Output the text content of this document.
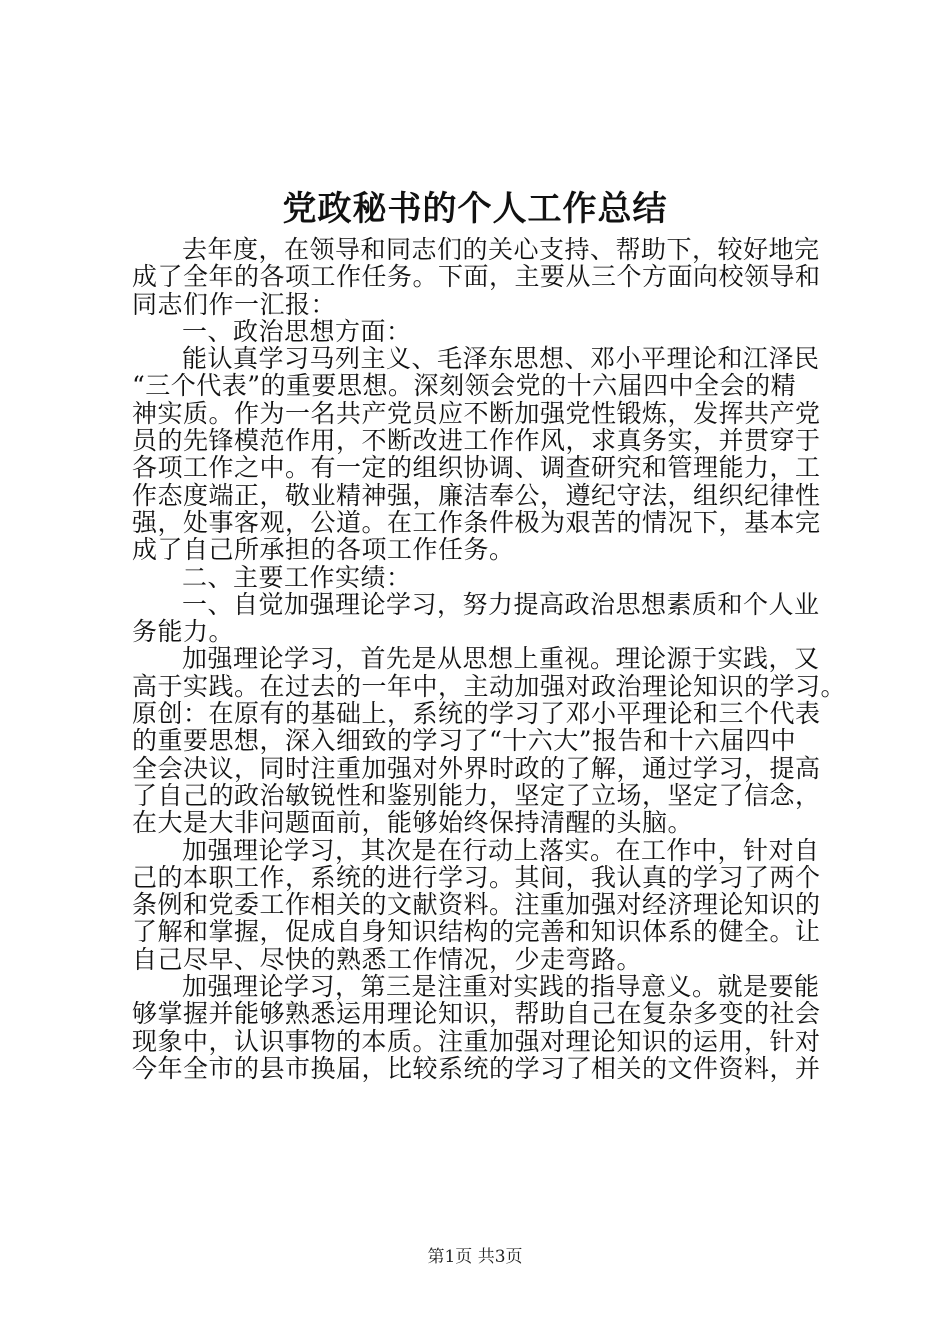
党政秘书的个人工作总结
去年度，在领导和同志们的关心支持、帮助下，较好地完
成了全年的各项工作任务。下面，主要从三个方面向校领导和
同志们作一汇报：
一、政治思想方面：
能认真学习马列主义、毛泽东思想、邓小平理论和江泽民
“三个代表”的重要思想。深刻领会党的十六届四中全会的精
神实质。作为一名共产党员应不断加强党性锻炼，发挥共产党
员的先锋模范作用，不断改进工作作风，求真务实，并贯穿于
各项工作之中。有一定的组织协调、调查研究和管理能力，工
作态度端正，敬业精神强，廉洁奉公，遵纪守法，组织纪律性
强，处事客观，公道。在工作条件极为艰苦的情况下，基本完
成了自己所承担的各项工作任务。
二、主要工作实绩：
一、自觉加强理论学习，努力提高政治思想素质和个人业
务能力。
加强理论学习，首先是从思想上重视。理论源于实践，又
高于实践。在过去的一年中，主动加强对政治理论知识的学习。
原创：在原有的基础上，系统的学习了邓小平理论和三个代表
的重要思想，深入细致的学习了“十六大”报告和十六届四中
全会决议，同时注重加强对外界时政的了解，通过学习，提高
了自己的政治敏锐性和鉴别能力，坚定了立场，坚定了信念，
在大是大非问题面前，能够始终保持清醒的头脑。
加强理论学习，其次是在行动上落实。在工作中，针对自
己的本职工作，系统的进行学习。其间，我认真的学习了两个
条例和党委工作相关的文献资料。注重加强对经济理论知识的
了解和掌握，促成自身知识结构的完善和知识体系的健全。让
自己尽早、尽快的熟悉工作情况，少走弯路。
加强理论学习，第三是注重对实践的指导意义。就是要能
够掌握并能够熟悉运用理论知识，帮助自己在复杂多变的社会
现象中，认识事物的本质。注重加强对理论知识的运用，针对
今年全市的县市换届，比较系统的学习了相关的文件资料，并
第1页 共3页
